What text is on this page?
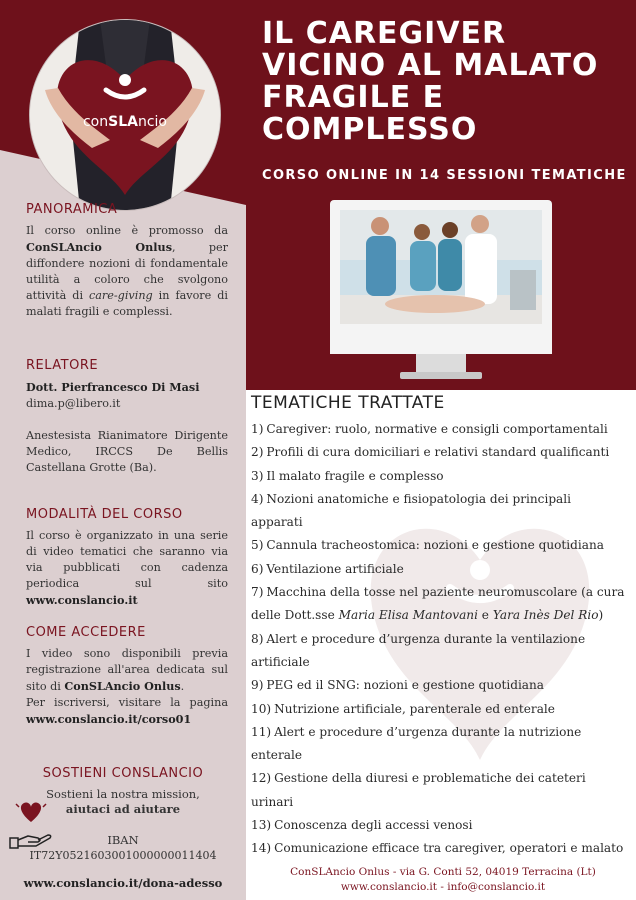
conSLAncio
IL CAREGIVER VICINO AL MALATO FRAGILE E COMPLESSO
CORSO ONLINE IN 14 SESSIONI TEMATICHE
PANORAMICA

Il corso online è promosso da ConSLAncio Onlus, per diffondere nozioni di fondamentale utilità a coloro che svolgono attività di care-giving in favore di malati fragili e complessi.

RELATORE

Dott. Pierfrancesco Di Masi

dima.p@libero.it

Anestesista Rianimatore Dirigente Medico, IRCCS De Bellis Castellana Grotte (Ba).

MODALITÀ DEL CORSO

Il corso è organizzato in una serie di video tematici che saranno via via pubblicati con cadenza periodica sul sito www.conslancio.it

COME ACCEDERE

I video sono disponibili previa registrazione all'area dedicata sul sito di ConSLAncio Onlus.
Per iscriversi, visitare la pagina www.conslancio.it/corso01

SOSTIENI CONSLANCIO

Sostieni la nostra mission,

aiutaci ad aiutare

IBAN
IT72Y0521603001000000011404
www.conslancio.it/dona-adesso
TEMATICHE TRATTATE
1) Caregiver: ruolo, normative e consigli comportamentali
2) Profili di cura domiciliari e relativi standard qualificanti
3) Il malato fragile e complesso
4) Nozioni anatomiche e fisiopatologia dei principali apparati
5) Cannula tracheostomica: nozioni e gestione quotidiana
6) Ventilazione artificiale
7) Macchina della tosse nel paziente neuromuscolare (a cura delle Dott.sse Maria Elisa Mantovani e Yara Inès Del Rio)
8) Alert e procedure d’urgenza durante la ventilazione artificiale
9) PEG ed il SNG: nozioni e gestione quotidiana
10) Nutrizione artificiale, parenterale ed enterale
11) Alert e procedure d’urgenza durante la nutrizione enterale
12) Gestione della diuresi e problematiche dei cateteri urinari
13) Conoscenza degli accessi venosi
14) Comunicazione efficace tra caregiver, operatori e malato
ConSLAncio Onlus - via G. Conti 52, 04019 Terracina (Lt)
www.conslancio.it - info@conslancio.it
